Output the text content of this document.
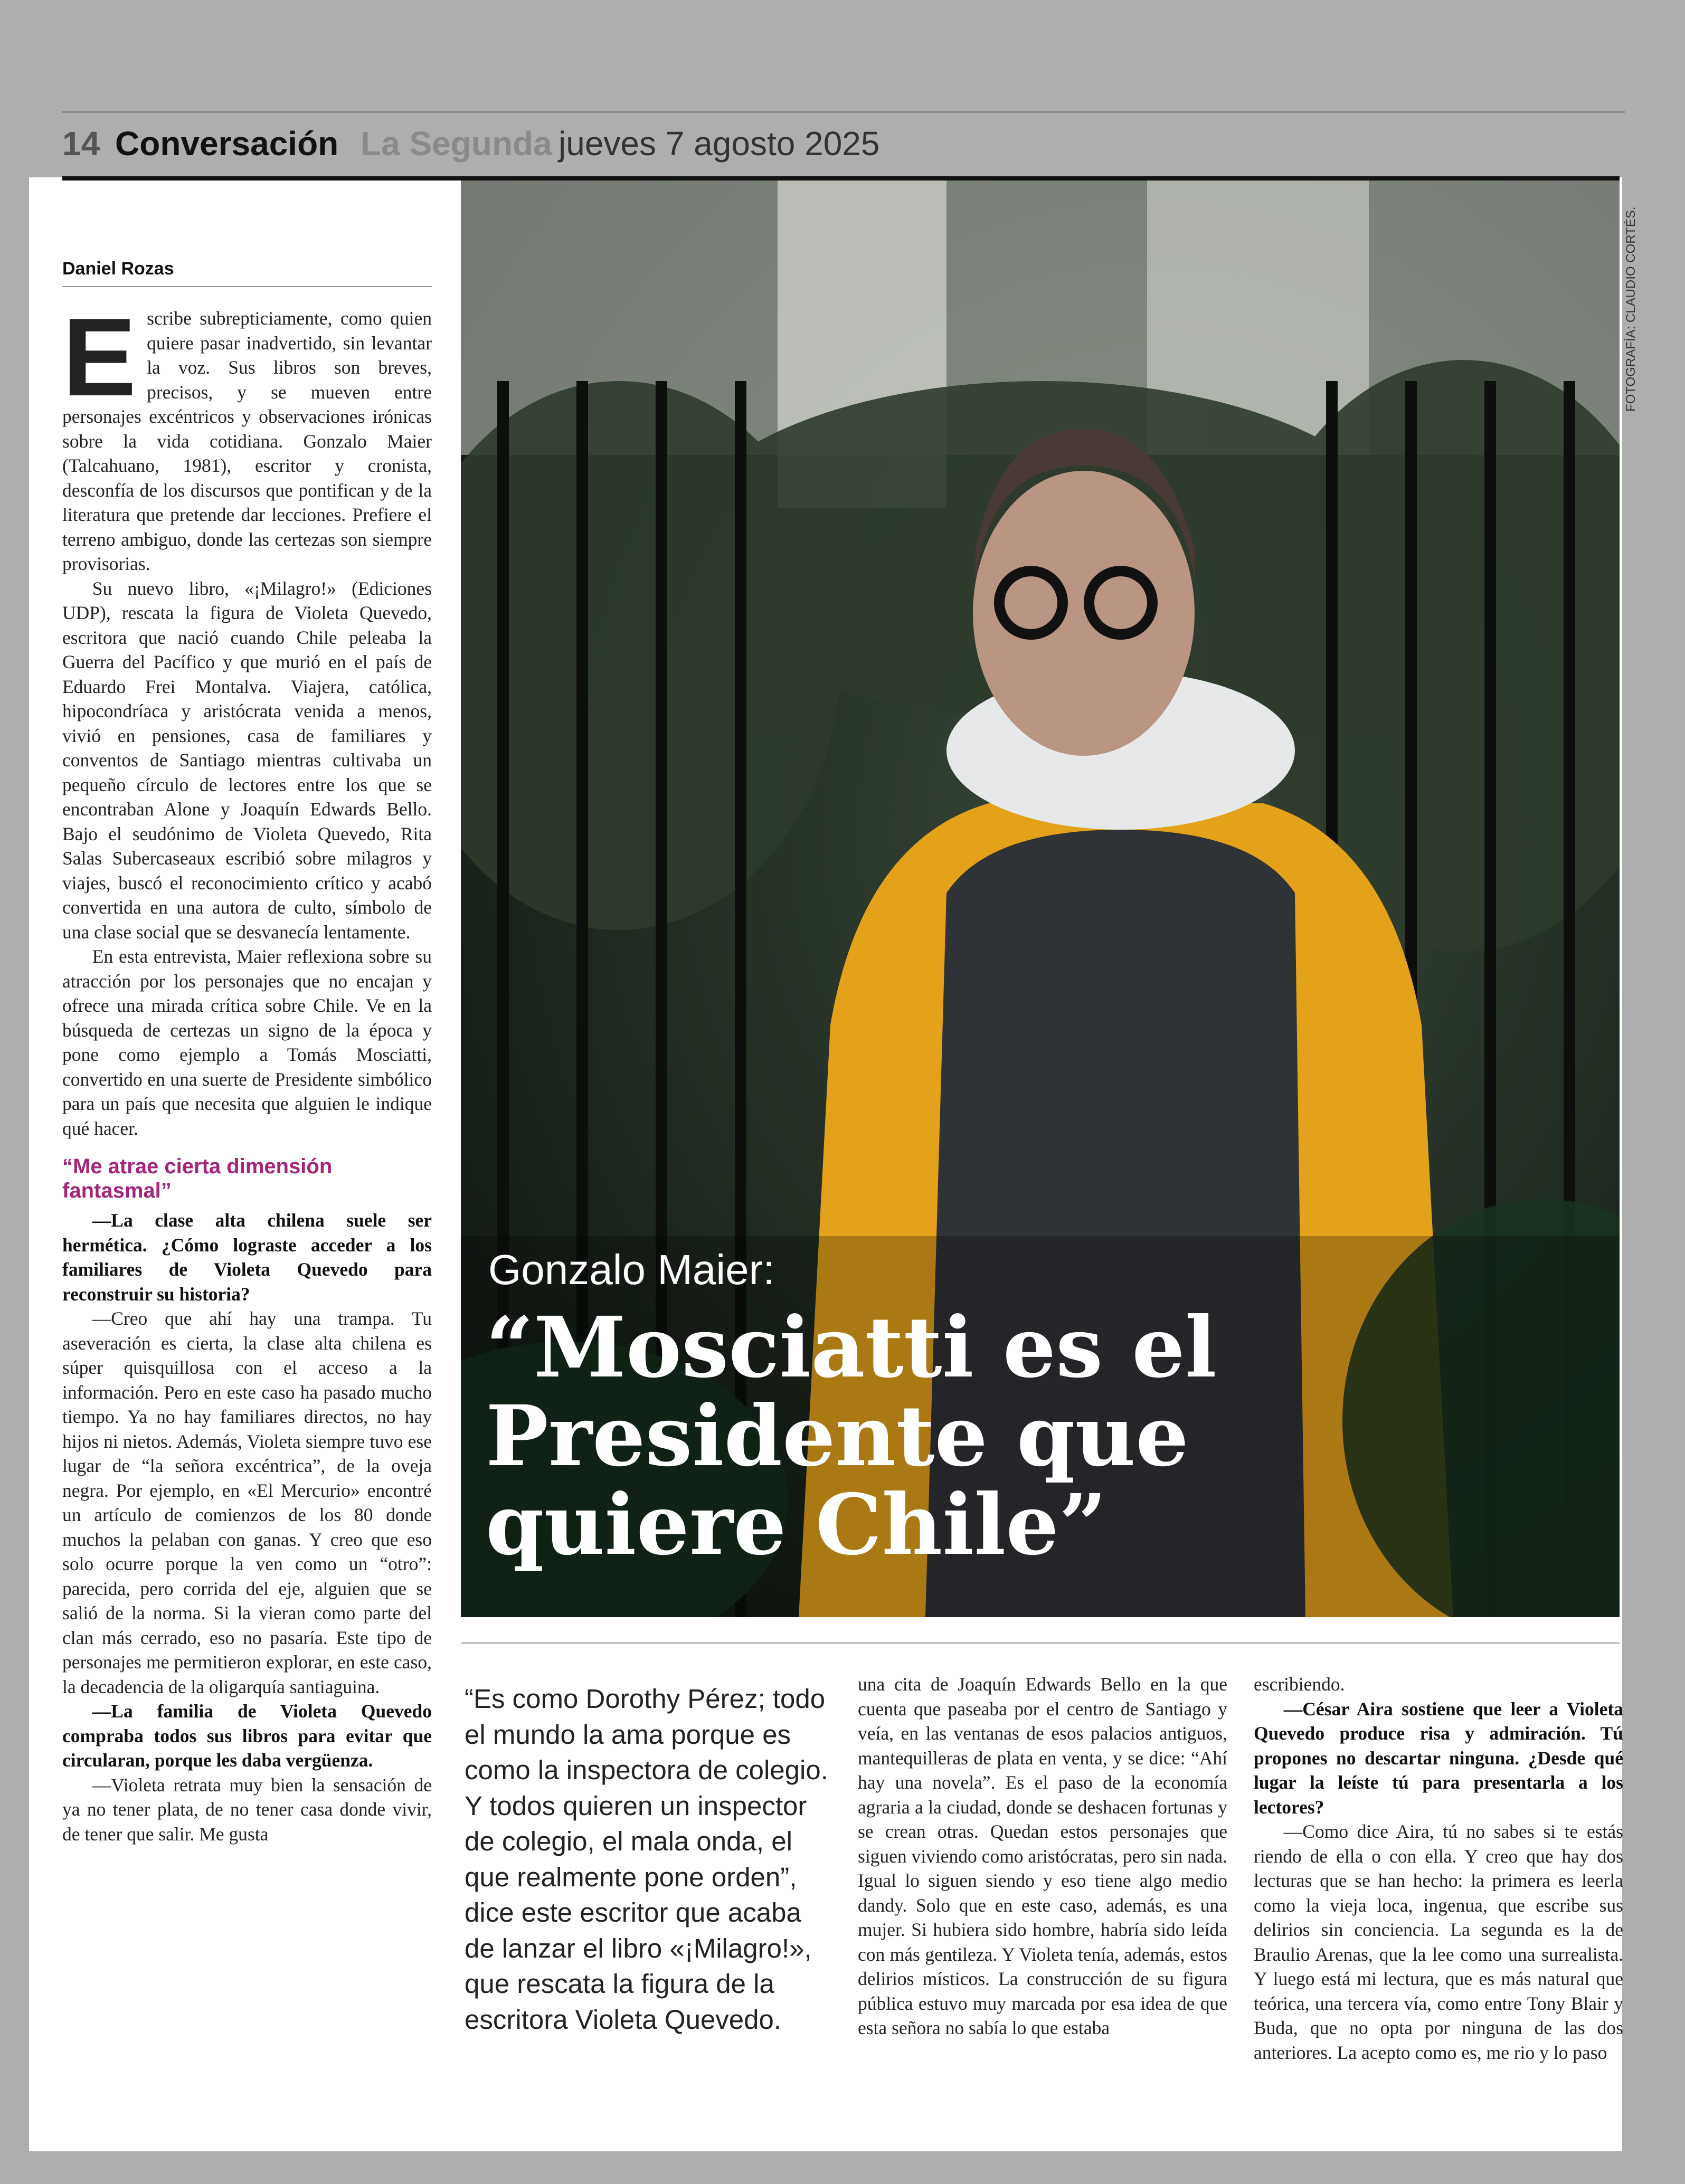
14 Conversación La Segunda jueves 7 agosto 2025
FOTOGRAFÍA: CLAUDIO CORTÉS.
Gonzalo Maier:
“Mosciatti es el Presidente que quiere Chile”
Daniel Rozas

Escribe subrepticiamente, como quien quiere pasar inadvertido, sin levantar la voz. Sus libros son breves, precisos, y se mueven entre personajes excéntricos y observaciones irónicas sobre la vida cotidiana. Gonzalo Maier (Talcahuano, 1981), escritor y cronista, desconfía de los discursos que pontifican y de la literatura que pretende dar lecciones. Prefiere el terreno ambiguo, donde las certezas son siempre provisorias.

Su nuevo libro, «¡Milagro!» (Ediciones UDP), rescata la figura de Violeta Quevedo, escritora que nació cuando Chile peleaba la Guerra del Pacífico y que murió en el país de Eduardo Frei Montalva. Viajera, católica, hipocondríaca y aristócrata venida a menos, vivió en pensiones, casa de familiares y conventos de Santiago mientras cultivaba un pequeño círculo de lectores entre los que se encontraban Alone y Joaquín Edwards Bello. Bajo el seudónimo de Violeta Quevedo, Rita Salas Subercaseaux escribió sobre milagros y viajes, buscó el reconocimiento crítico y acabó convertida en una autora de culto, símbolo de una clase social que se desvanecía lentamente.

En esta entrevista, Maier reflexiona sobre su atracción por los personajes que no encajan y ofrece una mirada crítica sobre Chile. Ve en la búsqueda de certezas un signo de la época y pone como ejemplo a Tomás Mosciatti, convertido en una suerte de Presidente simbólico para un país que necesita que alguien le indique qué hacer.

“Me atrae cierta dimensión fantasmal”

—La clase alta chilena suele ser hermética. ¿Cómo lograste acceder a los familiares de Violeta Quevedo para reconstruir su historia?

—Creo que ahí hay una trampa. Tu aseveración es cierta, la clase alta chilena es súper quisquillosa con el acceso a la información. Pero en este caso ha pasado mucho tiempo. Ya no hay familiares directos, no hay hijos ni nietos. Además, Violeta siempre tuvo ese lugar de “la señora excéntrica”, de la oveja negra. Por ejemplo, en «El Mercurio» encontré un artículo de comienzos de los 80 donde muchos la pelaban con ganas. Y creo que eso solo ocurre porque la ven como un “otro”: parecida, pero corrida del eje, alguien que se salió de la norma. Si la vieran como parte del clan más cerrado, eso no pasaría. Este tipo de personajes me permitieron explorar, en este caso, la decadencia de la oligarquía santiaguina.

—La familia de Violeta Quevedo compraba todos sus libros para evitar que circularan, porque les daba vergüenza.

—Violeta retrata muy bien la sensación de ya no tener plata, de no tener casa donde vivir, de tener que salir. Me gusta

“Es como Dorothy Pérez; todo el mundo la ama porque es como la inspectora de colegio. Y todos quieren un inspector de colegio, el mala onda, el que realmente pone orden”, dice este escritor que acaba de lanzar el libro «¡Milagro!», que rescata la figura de la escritora Violeta Quevedo.

una cita de Joaquín Edwards Bello en la que cuenta que paseaba por el centro de Santiago y veía, en las ventanas de esos palacios antiguos, mantequilleras de plata en venta, y se dice: “Ahí hay una novela”. Es el paso de la economía agraria a la ciudad, donde se deshacen fortunas y se crean otras. Quedan estos personajes que siguen viviendo como aristócratas, pero sin nada. Igual lo siguen siendo y eso tiene algo medio dandy. Solo que en este caso, además, es una mujer. Si hubiera sido hombre, habría sido leída con más gentileza. Y Violeta tenía, además, estos delirios místicos. La construcción de su figura pública estuvo muy marcada por esa idea de que esta señora no sabía lo que estaba

escribiendo.

—César Aira sostiene que leer a Violeta Quevedo produce risa y admiración. Tú propones no descartar ninguna. ¿Desde qué lugar la leíste tú para presentarla a los lectores?

—Como dice Aira, tú no sabes si te estás riendo de ella o con ella. Y creo que hay dos lecturas que se han hecho: la primera es leerla como la vieja loca, ingenua, que escribe sus delirios sin conciencia. La segunda es la de Braulio Arenas, que la lee como una surrealista. Y luego está mi lectura, que es más natural que teórica, una tercera vía, como entre Tony Blair y Buda, que no opta por ninguna de las dos anteriores. La acepto como es, me rio y lo paso
